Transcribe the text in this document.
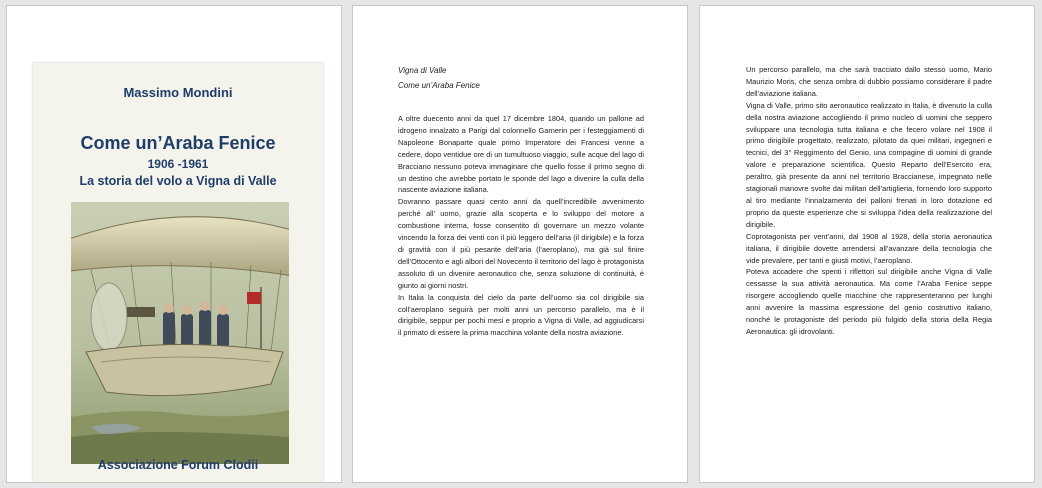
Massimo Mondini
Come un’Araba Fenice
1906 -1961
La storia del volo a Vigna di Valle
Associazione Forum Clodii
Vigna di Valle
Come un’Araba Fenice

A oltre duecento anni da quel 17 dicembre 1804, quando un pallone ad idrogeno innalzato a Parigi dal colonnello Garnerin per i festeggiamenti di Napoleone Bonaparte quale primo Imperatore dei Francesi venne a cedere, dopo ventidue ore di un tumultuoso viaggio, sulle acque del lago di Bracciano nessuno poteva immaginare che quello fosse il primo segno di un destino che avrebbe portato le sponde del lago a divenire la culla della nascente aviazione italiana.

Dovranno passare quasi cento anni da quell’incredibile avvenimento perché all’ uomo, grazie alla scoperta e lo sviluppo del motore a combustione interna, fosse consentito di governare un mezzo volante vincendo la forza dei venti con il più leggero dell’aria (il dirigibile) e la forza di gravità con il più pesante dell’aria (l’aeroplano), ma già sul finire dell’Ottocento e agli albori del Novecento il territorio del lago è protagonista assoluto di un divenire aeronautico che, senza soluzione di continuità, è giunto ai giorni nostri.

In Italia la conquista del cielo da parte dell’uomo sia col dirigibile sia coll’aeroplano seguirà per molti anni un percorso parallelo, ma è il dirigibile, seppur per pochi mesi e proprio a Vigna di Valle, ad aggiudicarsi il primato di essere la prima macchina volante della nostra aviazione.

Un percorso parallelo, ma che sarà tracciato dallo stesso uomo, Mario Maurizio Moris, che senza ombra di dubbio possiamo considerare il padre dell’aviazione italiana.

Vigna di Valle, primo sito aeronautico realizzato in Italia, è divenuto la culla della nostra aviazione accogliendo il primo nucleo di uomini che seppero sviluppare una tecnologia tutta italiana e che fecero volare nel 1908 il primo dirigibile progettato, realizzato, pilotato da quei militari, ingegneri e tecnici, del 3° Reggimento del Genio, una compagine di uomini di grande valore e preparazione scientifica. Questo Reparto dell’Esercito era, peraltro, già presente da anni nel territorio Braccianese, impegnato nelle stagionali manovre svolte dai militari dell’artiglieria, fornendo loro supporto al tiro mediante l’innalzamento dei palloni frenati in loro dotazione ed proprio da queste esperienze che si sviluppa l’idea della realizzazione del dirigibile.

Coprotagonista per vent’anni, dal 1908 al 1928, della storia aeronautica italiana, il dirigibile dovette arrendersi all’avanzare della tecnologia che vide prevalere, per tanti e giusti motivi, l’aeroplano.

Poteva accadere che spenti i riflettori sul dirigibile anche Vigna di Valle cessasse la sua attività aeronautica. Ma come l’Araba Fenice seppe risorgere accogliendo quelle macchine che rappresenteranno per lunghi anni avvenire la massima espressione del genio costruttivo italiano, nonché le protagoniste del periodo più fulgido della storia della Regia Aeronautica: gli idrovolanti.
